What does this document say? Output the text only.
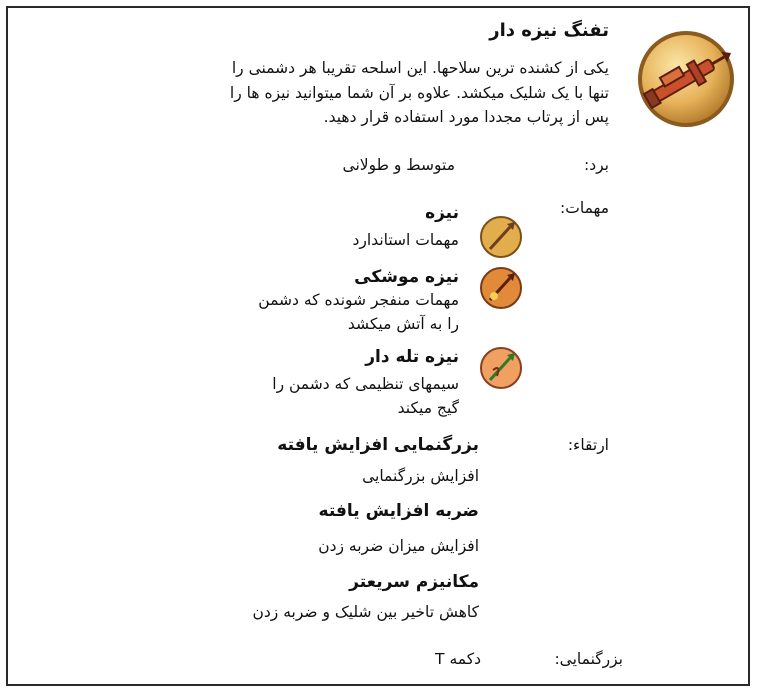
تفنگ نیزه دار
یکی از کشنده ترین سلاحها. این اسلحه تقریبا هر دشمنی را
تنها با یک شلیک میکشد. علاوه بر آن شما میتوانید نیزه ها را
پس از پرتاب مجددا مورد استفاده قرار دهید.
برد:
متوسط و طولانی
مهمات:
نیزه
مهمات استاندارد
نیزه موشکی
مهمات منفجر شونده که دشمن
را به آتش میکشد
نیزه تله دار
سیمهای تنظیمی که دشمن را
گیج میکند
ارتقاء:
بزرگنمایی افزایش یافته
افزایش بزرگنمایی
ضربه افزایش یافته
افزایش میزان ضربه زدن
مکانیزم سریعتر
کاهش تاخیر بین شلیک و ضربه زدن
بزرگنمایی:
دکمه T
